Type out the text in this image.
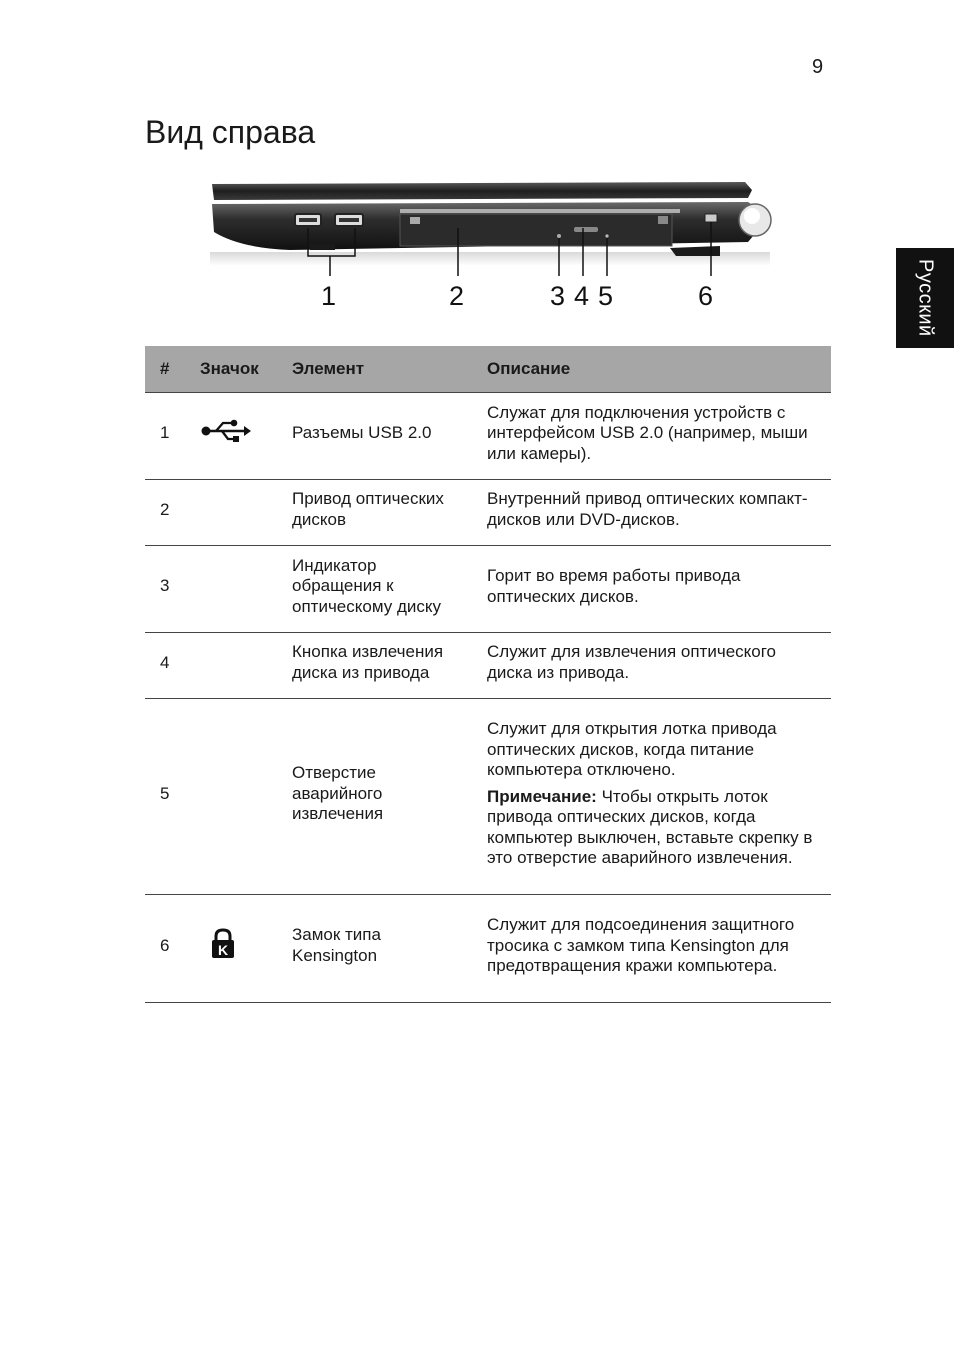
9
Вид справа
Русский
1	2	3 4 5	6
#	Значок	Элемент	Описание
1		Разъемы USB 2.0	Служат для подключения устройств с интерфейсом USB 2.0 (например, мыши или камеры).
2		Привод оптических дисков	Внутренний привод оптических компакт-дисков или DVD-дисков.
3		Индикатор обращения к оптическому диску	Горит во время работы привода оптических дисков.
4		Кнопка извлечения диска из привода	Служит для извлечения оптического диска из привода.
5		Отверстие аварийного извлечения	Служит для открытия лотка привода оптических дисков, когда питание компьютера отключено.
Примечание: Чтобы открыть лоток привода оптических дисков, когда компьютер выключен, вставьте скрепку в это отверстие аварийного извлечения.

6	K	Замок типа Kensington	Служит для подсоединения защитного тросика с замком типа Kensington для предотвращения кражи компьютера.
